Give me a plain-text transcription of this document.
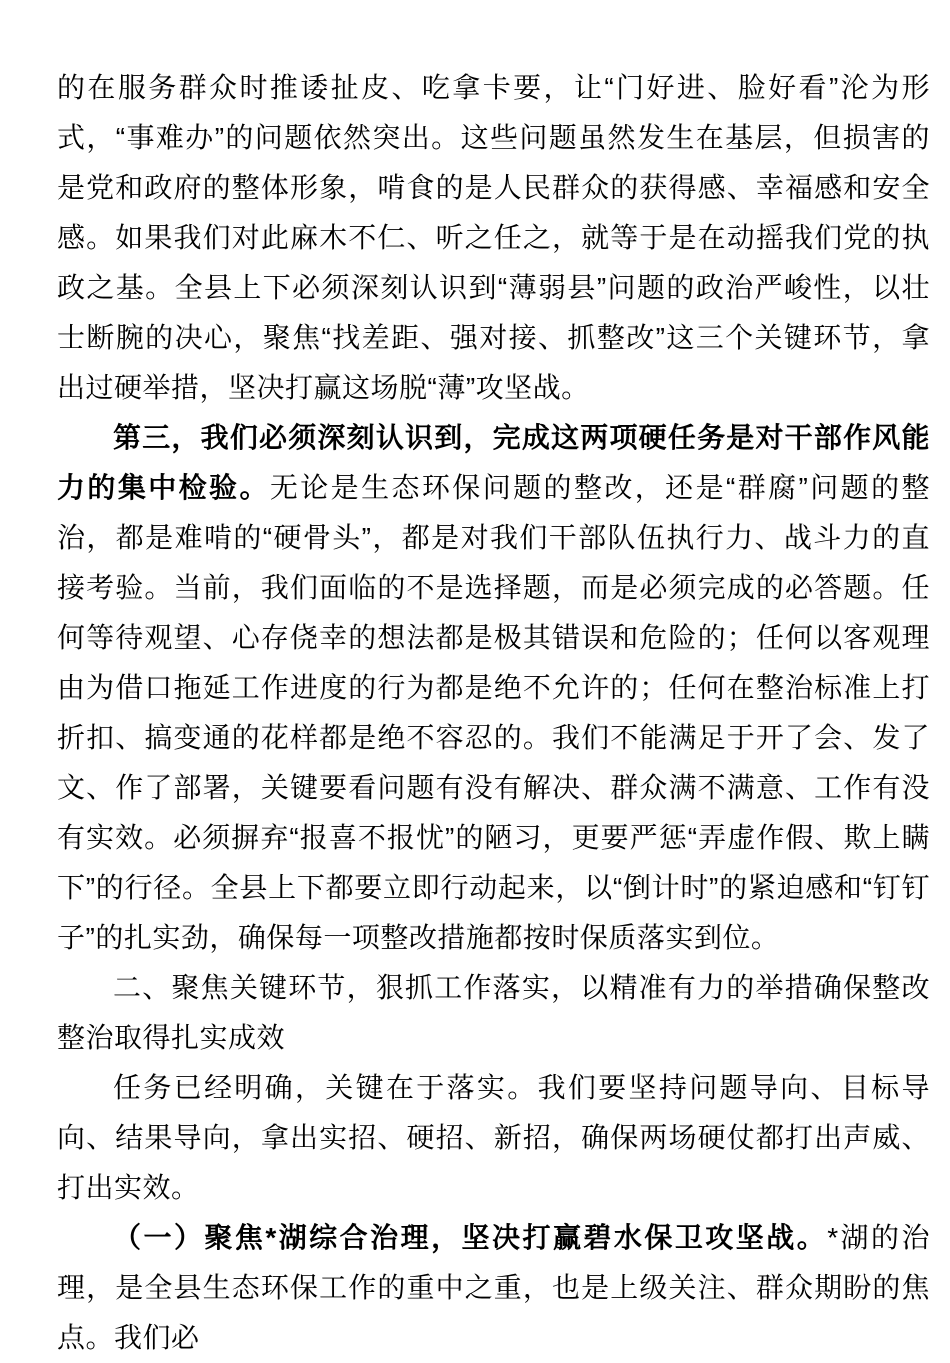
的在服务群众时推诿扯皮、吃拿卡要，让“门好进、脸好看”沦为形式，“事难办”的问题依然突出。这些问题虽然发生在基层，但损害的是党和政府的整体形象，啃食的是人民群众的获得感、幸福感和安全感。如果我们对此麻木不仁、听之任之，就等于是在动摇我们党的执政之基。全县上下必须深刻认识到“薄弱县”问题的政治严峻性，以壮士断腕的决心，聚焦“找差距、强对接、抓整改”这三个关键环节，拿出过硬举措，坚决打赢这场脱“薄”攻坚战。

第三，我们必须深刻认识到，完成这两项硬任务是对干部作风能力的集中检验。无论是生态环保问题的整改，还是“群腐”问题的整治，都是难啃的“硬骨头”，都是对我们干部队伍执行力、战斗力的直接考验。当前，我们面临的不是选择题，而是必须完成的必答题。任何等待观望、心存侥幸的想法都是极其错误和危险的；任何以客观理由为借口拖延工作进度的行为都是绝不允许的；任何在整治标准上打折扣、搞变通的花样都是绝不容忍的。我们不能满足于开了会、发了文、作了部署，关键要看问题有没有解决、群众满不满意、工作有没有实效。必须摒弃“报喜不报忧”的陋习，更要严惩“弄虚作假、欺上瞒下”的行径。全县上下都要立即行动起来，以“倒计时”的紧迫感和“钉钉子”的扎实劲，确保每一项整改措施都按时保质落实到位。

二、聚焦关键环节，狠抓工作落实，以精准有力的举措确保整改整治取得扎实成效

任务已经明确，关键在于落实。我们要坚持问题导向、目标导向、结果导向，拿出实招、硬招、新招，确保两场硬仗都打出声威、打出实效。

（一）聚焦*湖综合治理，坚决打赢碧水保卫攻坚战。*湖的治理，是全县生态环保工作的重中之重，也是上级关注、群众期盼的焦点。我们必
